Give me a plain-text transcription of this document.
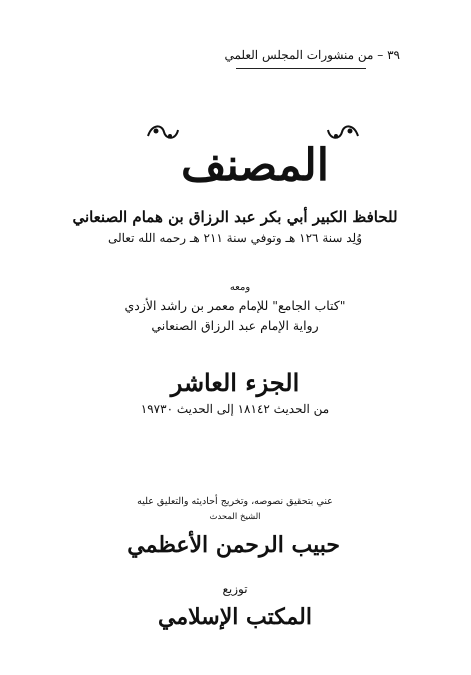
٣٩ – من منشورات المجلس العلمي
المصنف
للحافظ الكبير أبي بكر عبد الرزاق بن همام الصنعاني
وُلِد سنة ١٢٦ هـ وتوفي سنة ٢١١ هـ رحمه الله تعالى
ومعه
"كتاب الجامع" للإمام معمر بن راشد الأزدي
رواية الإمام عبد الرزاق الصنعاني
الجزء العاشر
من الحديث ١٨١٤٢ إلى الحديث ١٩٧٣٠
عني بتحقيق نصوصه، وتخريج أحاديثه والتعليق عليه
الشيخ المحدث
حبيب الرحمن الأعظمي
توزيع
المكتب الإسلامي
